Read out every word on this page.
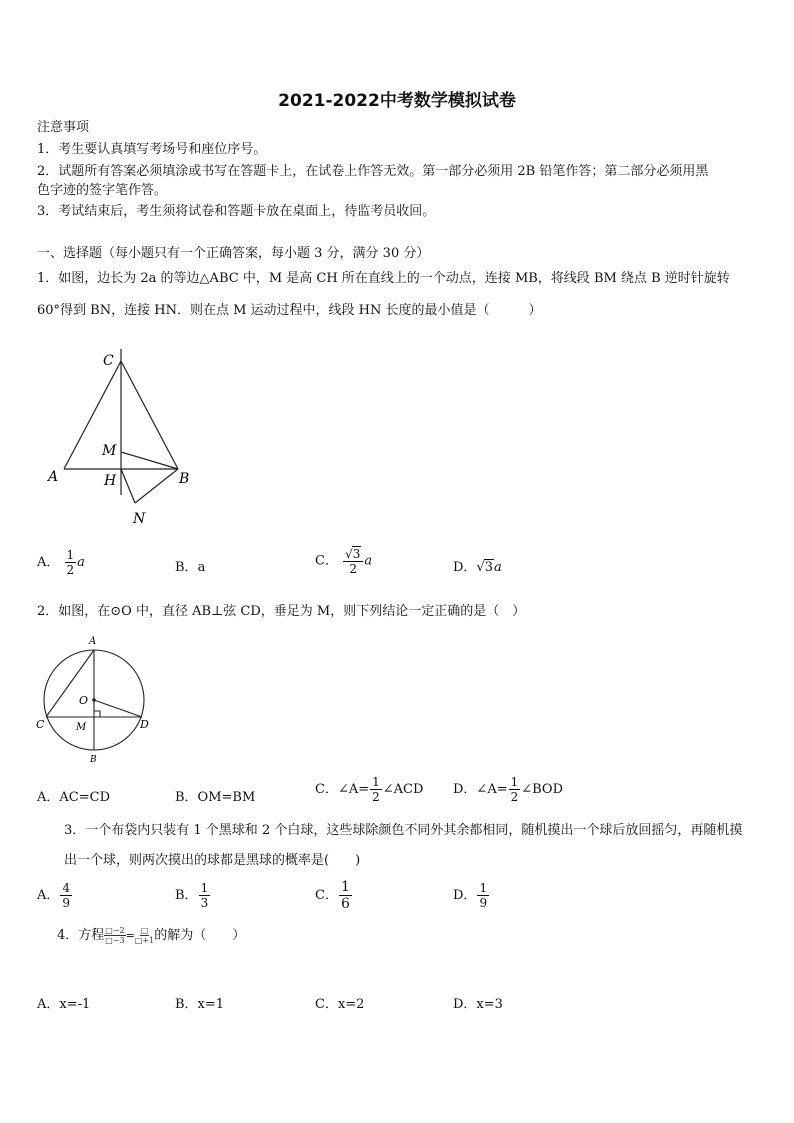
2021-2022中考数学模拟试卷
注意事项
1．考生要认真填写考场号和座位序号。
2．试题所有答案必须填涂或书写在答题卡上，在试卷上作答无效。第一部分必须用 2B 铅笔作答；第二部分必须用黑
色字迹的签字笔作答。
3．考试结束后，考生须将试卷和答题卡放在桌面上，待监考员收回。
一、选择题（每小题只有一个正确答案，每小题 3 分，满分 30 分）
1．如图，边长为 2a 的等边△ABC 中，M 是高 CH 所在直线上的一个动点，连接 MB，将线段 BM 绕点 B 逆时针旋转
60°得到 BN，连接 HN．则在点 M 运动过程中，线段 HN 长度的最小值是（　　　）
C
M
A	H	B
N
A． $\frac{1}{2}$ a	B．a	C． $\frac{√3}{2}$ a	D．√3a
2．如图，在⊙O 中，直径 AB⊥弦 CD，垂足为 M，则下列结论一定正确的是（　）
A
O
C	M	D
B
A．AC=CD	B．OM=BM
C．∠A= $\frac{1}{2}$ ∠ACD D．∠A= $\frac{1}{2}$ ∠BOD
3．一个布袋内只装有 1 个黑球和 2 个白球，这些球除颜色不同外其余都相同，随机摸出一个球后放回摇匀，再随机摸
出一个球，则两次摸出的球都是黑球的概率是(　　)
A． $\frac{4}{9}$	B． $\frac{1}{3}$	C． $\frac{1}{6}$	D． $\frac{1}{9}$
4．方程 $\frac{□-2}{□-3} = \frac{□}{□+1}$ 的解为（　　）
A．x=-1	B．x=1	C．x=2	D．x=3
